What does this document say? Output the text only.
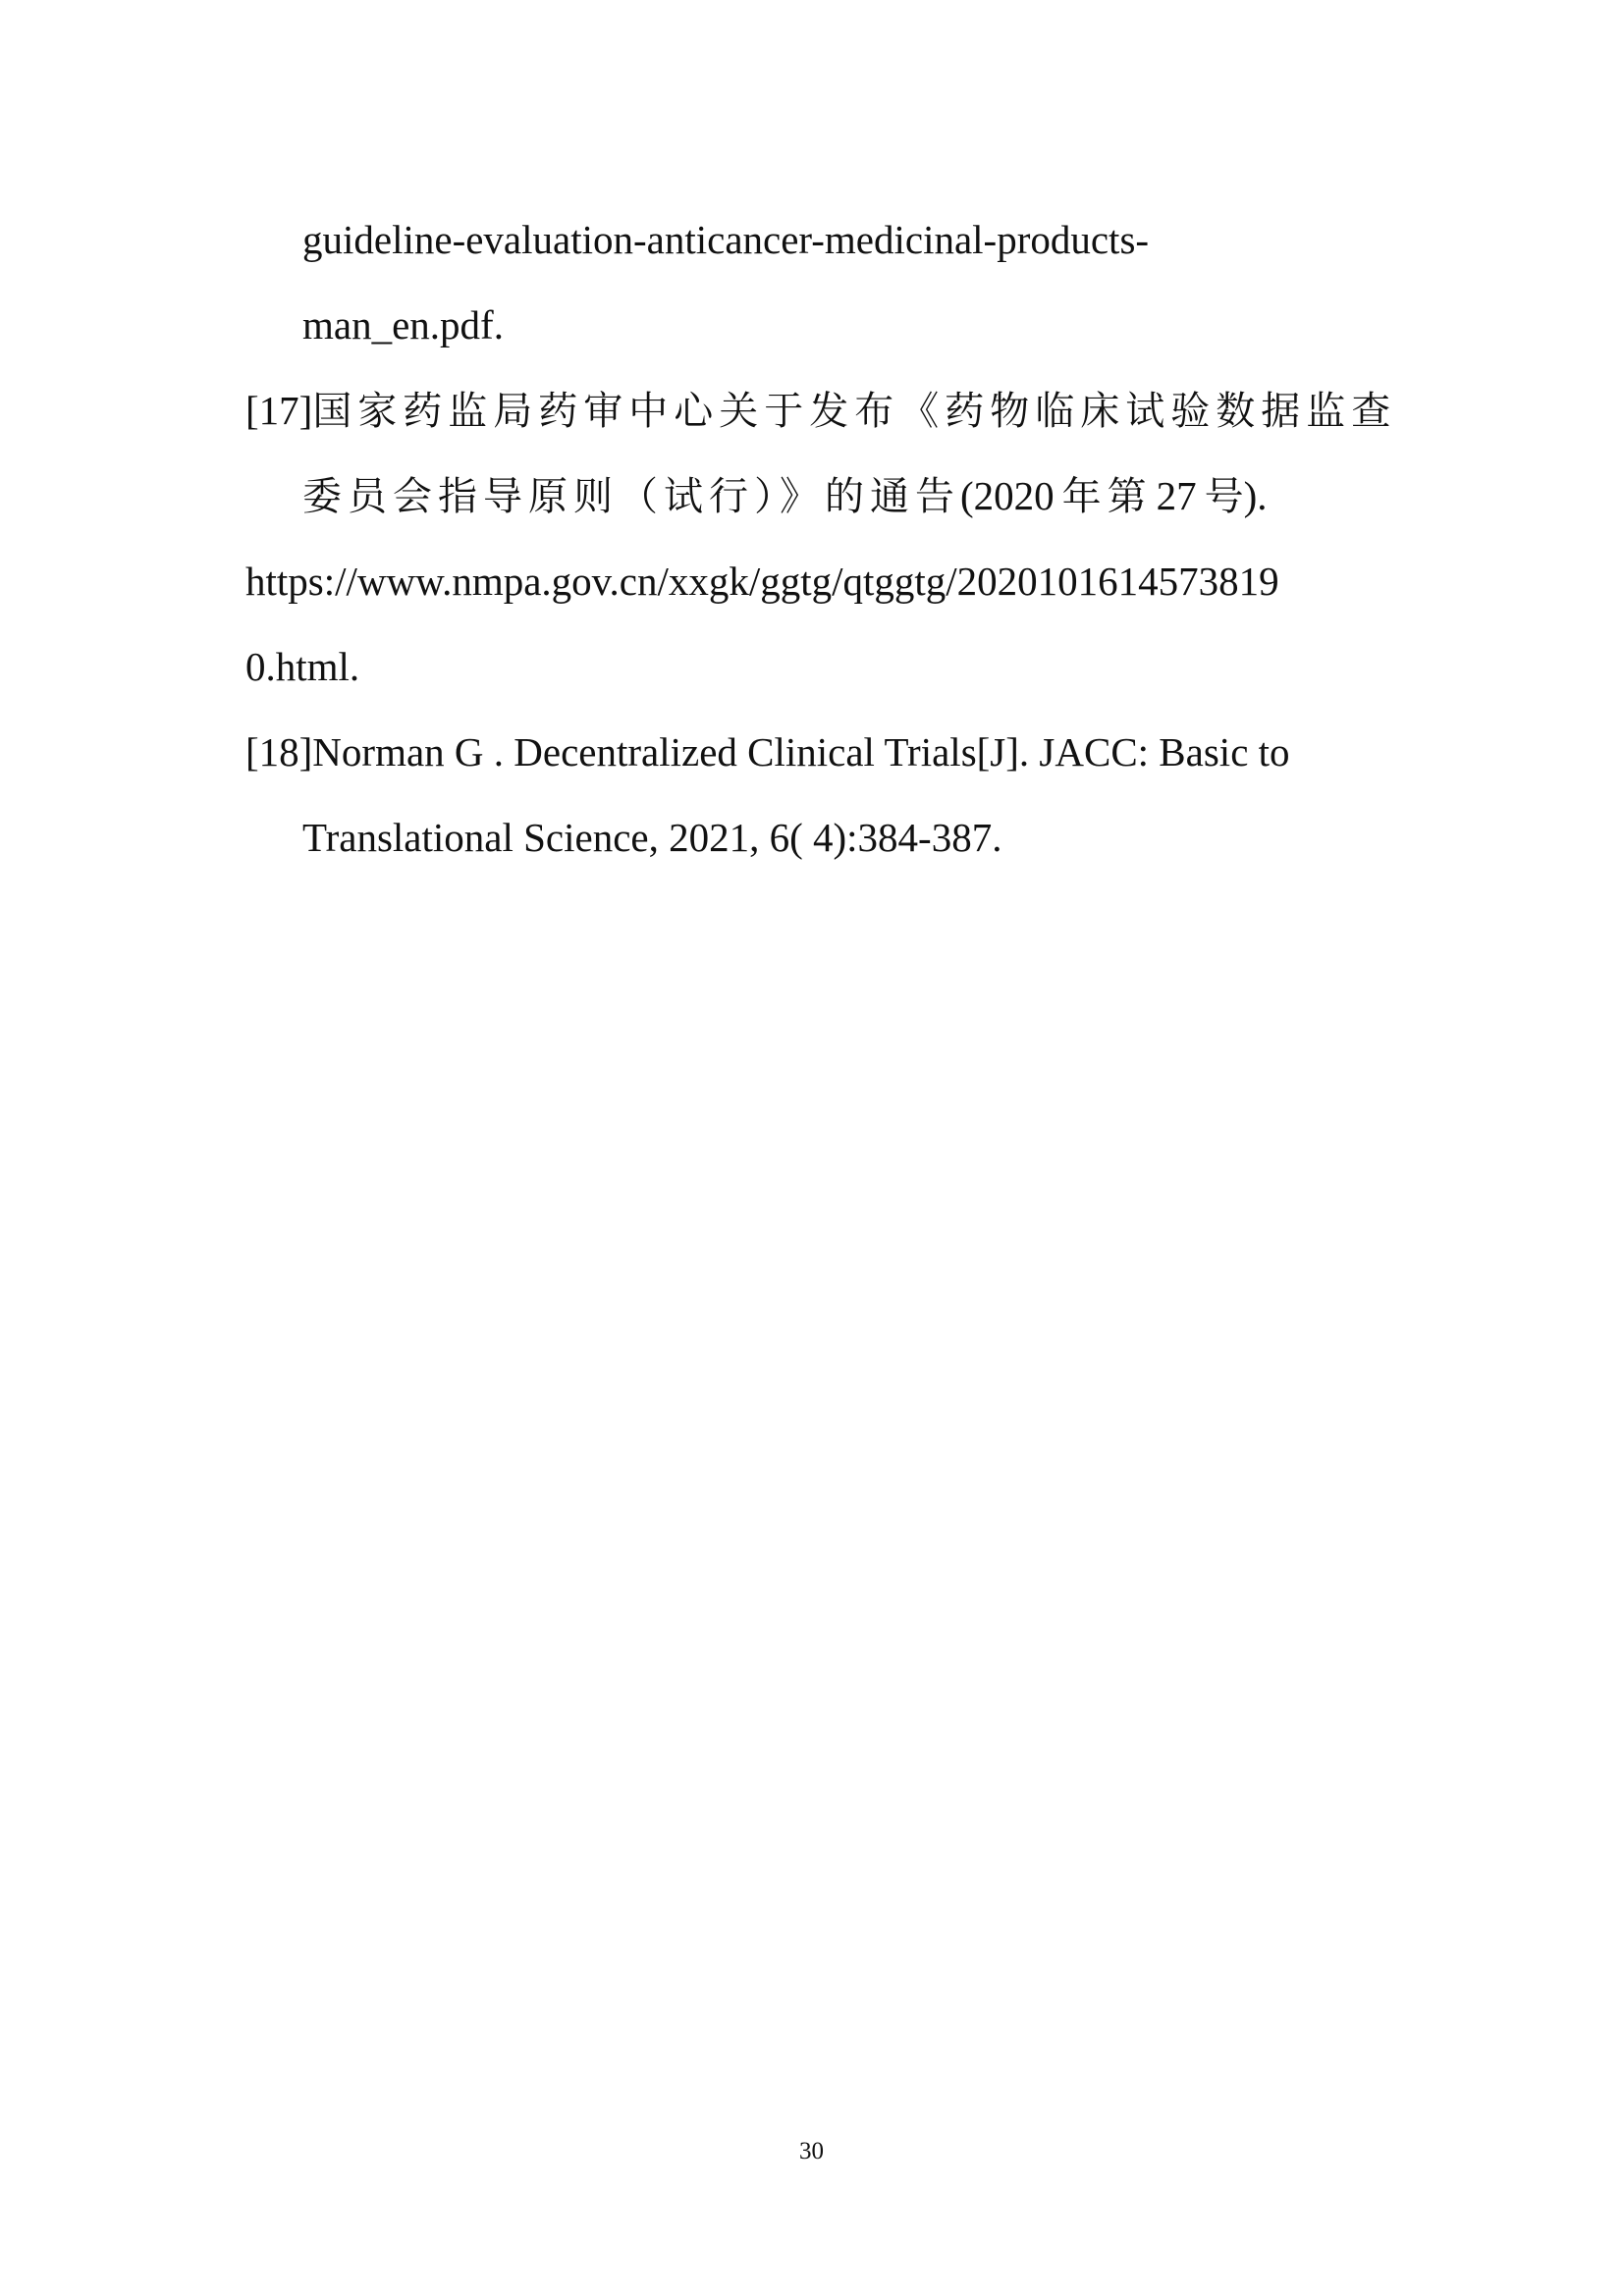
guideline-evaluation-anticancer-medicinal-products-
man_en.pdf.
[17]国家药监局药审中心关于发布《药物临床试验数据监查
委员会指导原则（试行）》的通告(2020 年第27 号).
https://www.nmpa.gov.cn/xxgk/ggtg/qtggtg/2020101614573819
0.html.
[18]Norman G . Decentralized Clinical Trials[J]. JACC: Basic to
Translational Science, 2021, 6( 4):384-387.
30
